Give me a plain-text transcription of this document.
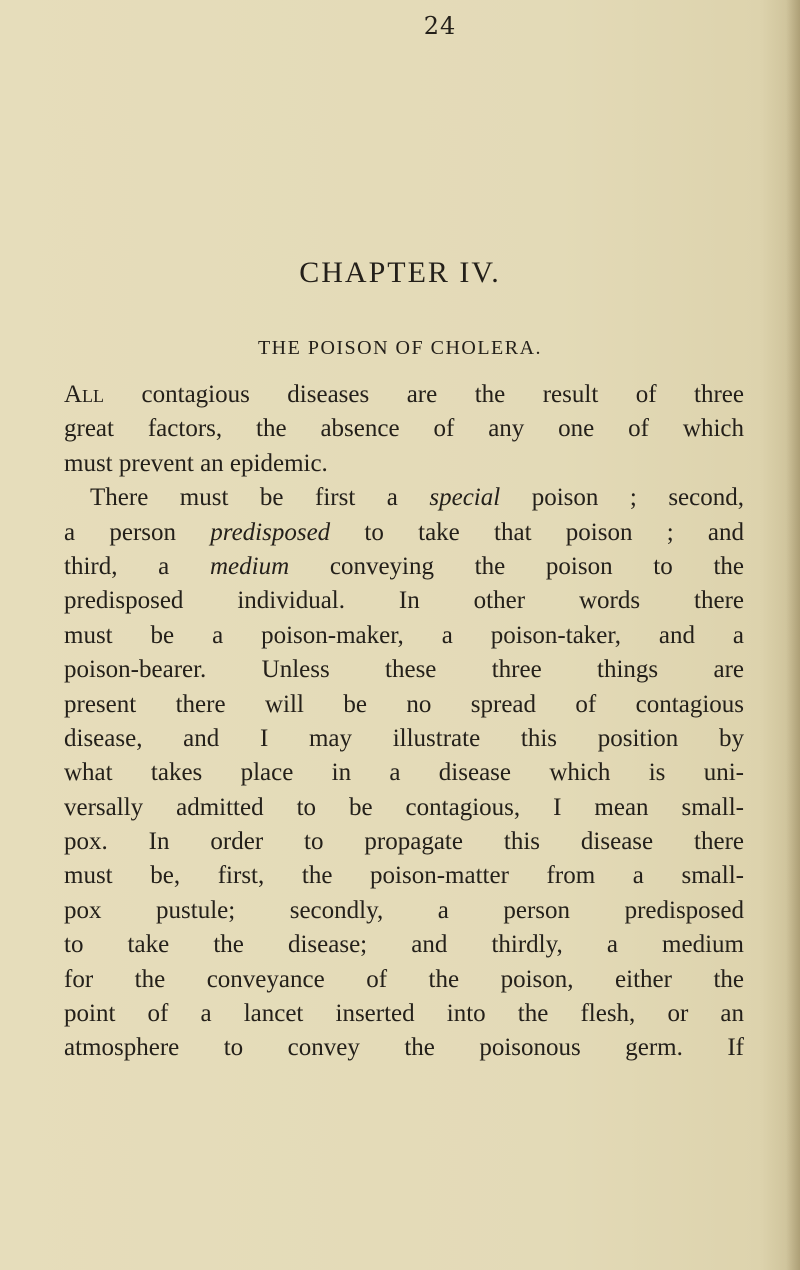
24
CHAPTER IV.
THE POISON OF CHOLERA.
All contagious diseases are the result of three
great factors, the absence of any one of which
must prevent an epidemic.
There must be first a special poison ; second,
a person predisposed to take that poison ; and
third, a medium conveying the poison to the
predisposed individual. In other words there
must be a poison-maker, a poison-taker, and a
poison-bearer. Unless these three things are
present there will be no spread of contagious
disease, and I may illustrate this position by
what takes place in a disease which is uni-
versally admitted to be contagious, I mean small-
pox. In order to propagate this disease there
must be, first, the poison-matter from a small-
pox pustule; secondly, a person predisposed
to take the disease; and thirdly, a medium
for the conveyance of the poison, either the
point of a lancet inserted into the flesh, or an
atmosphere to convey the poisonous germ. If
